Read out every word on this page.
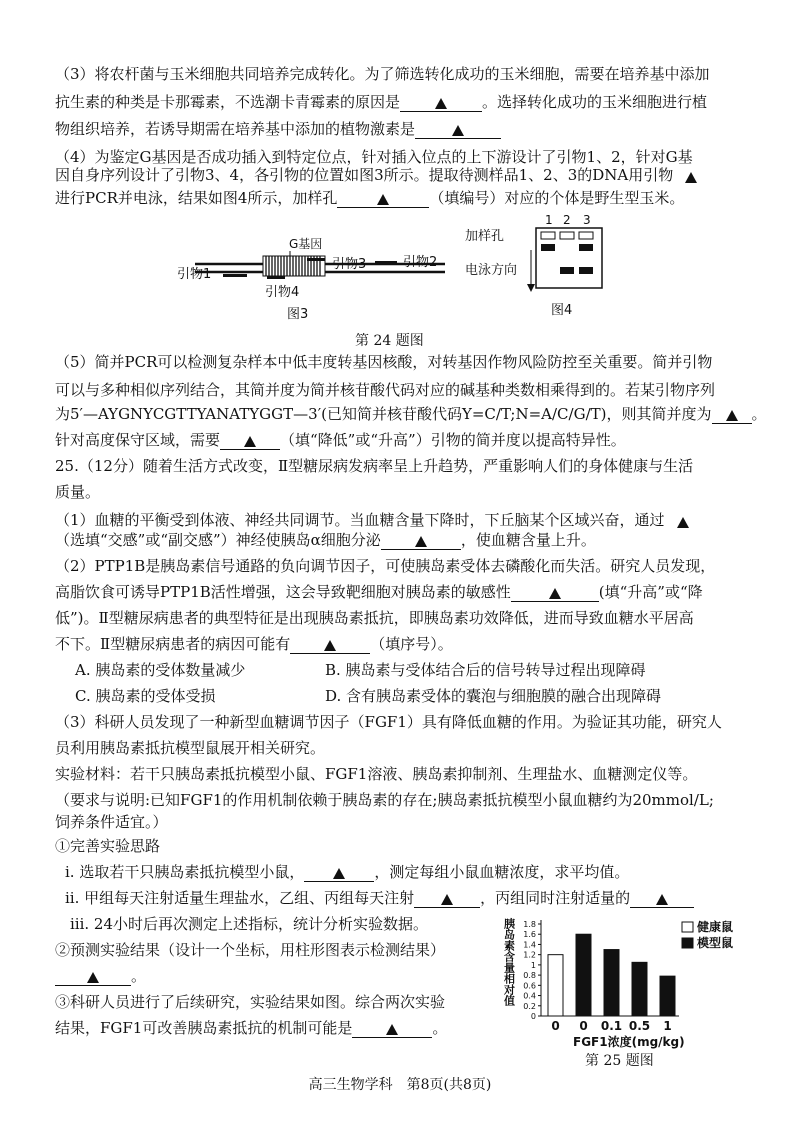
（3）将农杆菌与玉米细胞共同培养完成转化。为了筛选转化成功的玉米细胞，需要在培养基中添加
抗生素的种类是卡那霉素，不选潮卡青霉素的原因是	。选择转化成功的玉米细胞进行植
物组织培养，若诱导期需在培养基中添加的植物激素是
（4）为鉴定G基因是否成功插入到特定位点，针对插入位点的上下游设计了引物1、2，针对G基
因自身序列设计了引物3、4，各引物的位置如图3所示。提取待测样品1、2、3的DNA用引物
进行PCR并电泳，结果如图4所示，加样孔	（填编号）对应的个体是野生型玉米。
G基因
引物1
引物2
引物3
引物4
图3
1 2 3
加样孔
电泳方向
图4
第 24 题图
（5）简并PCR可以检测复杂样本中低丰度转基因核酸，对转基因作物风险防控至关重要。简并引物
可以与多种相似序列结合，其简并度为简并核苷酸代码对应的碱基种类数相乘得到的。若某引物序列
为5′—AYGNYCGTTYANATYGGT—3′(已知简并核苷酸代码Y=C/T;N=A/C/G/T)，则其简并度为	。
针对高度保守区域，需要	（填“降低”或“升高”）引物的简并度以提高特异性。
25.（12分）随着生活方式改变，Ⅱ型糖尿病发病率呈上升趋势，严重影响人们的身体健康与生活
质量。
（1）血糖的平衡受到体液、神经共同调节。当血糖含量下降时，下丘脑某个区域兴奋，通过
（选填“交感”或“副交感”）神经使胰岛α细胞分泌	，使血糖含量上升。
（2）PTP1B是胰岛素信号通路的负向调节因子，可使胰岛素受体去磷酸化而失活。研究人员发现，
高脂饮食可诱导PTP1B活性增强，这会导致靶细胞对胰岛素的敏感性	(填“升高”或“降
低”)。Ⅱ型糖尿病患者的典型特征是出现胰岛素抵抗，即胰岛素功效降低，进而导致血糖水平居高
不下。Ⅱ型糖尿病患者的病因可能有	（填序号）。
A. 胰岛素的受体数量减少	B. 胰岛素与受体结合后的信号转导过程出现障碍
C. 胰岛素的受体受损	D. 含有胰岛素受体的囊泡与细胞膜的融合出现障碍
（3）科研人员发现了一种新型血糖调节因子（FGF1）具有降低血糖的作用。为验证其功能，研究人
员利用胰岛素抵抗模型鼠展开相关研究。
实验材料：若干只胰岛素抵抗模型小鼠、FGF1溶液、胰岛素抑制剂、生理盐水、血糖测定仪等。
（要求与说明:已知FGF1的作用机制依赖于胰岛素的存在;胰岛素抵抗模型小鼠血糖约为20mmol/L;
饲养条件适宜。）
①完善实验思路
ⅰ. 选取若干只胰岛素抵抗模型小鼠，	，测定每组小鼠血糖浓度，求平均值。
ⅱ. 甲组每天注射适量生理盐水，乙组、丙组每天注射	，丙组同时注射适量的
ⅲ. 24小时后再次测定上述指标，统计分析实验数据。
②预测实验结果（设计一个坐标，用柱形图表示检测结果）
。
③科研人员进行了后续研究，实验结果如图。综合两次实验
结果，FGF1可改善胰岛素抵抗的机制可能是	。
胰岛素含量相对值
0
0.2
0.4
0.6
0.8
1
1.2
1.4
1.6
1.8
0 0 0.1 0.5 1
FGF1浓度(mg/kg)
健康鼠
模型鼠
第 25 题图
高三生物学科　第8页(共8页)
